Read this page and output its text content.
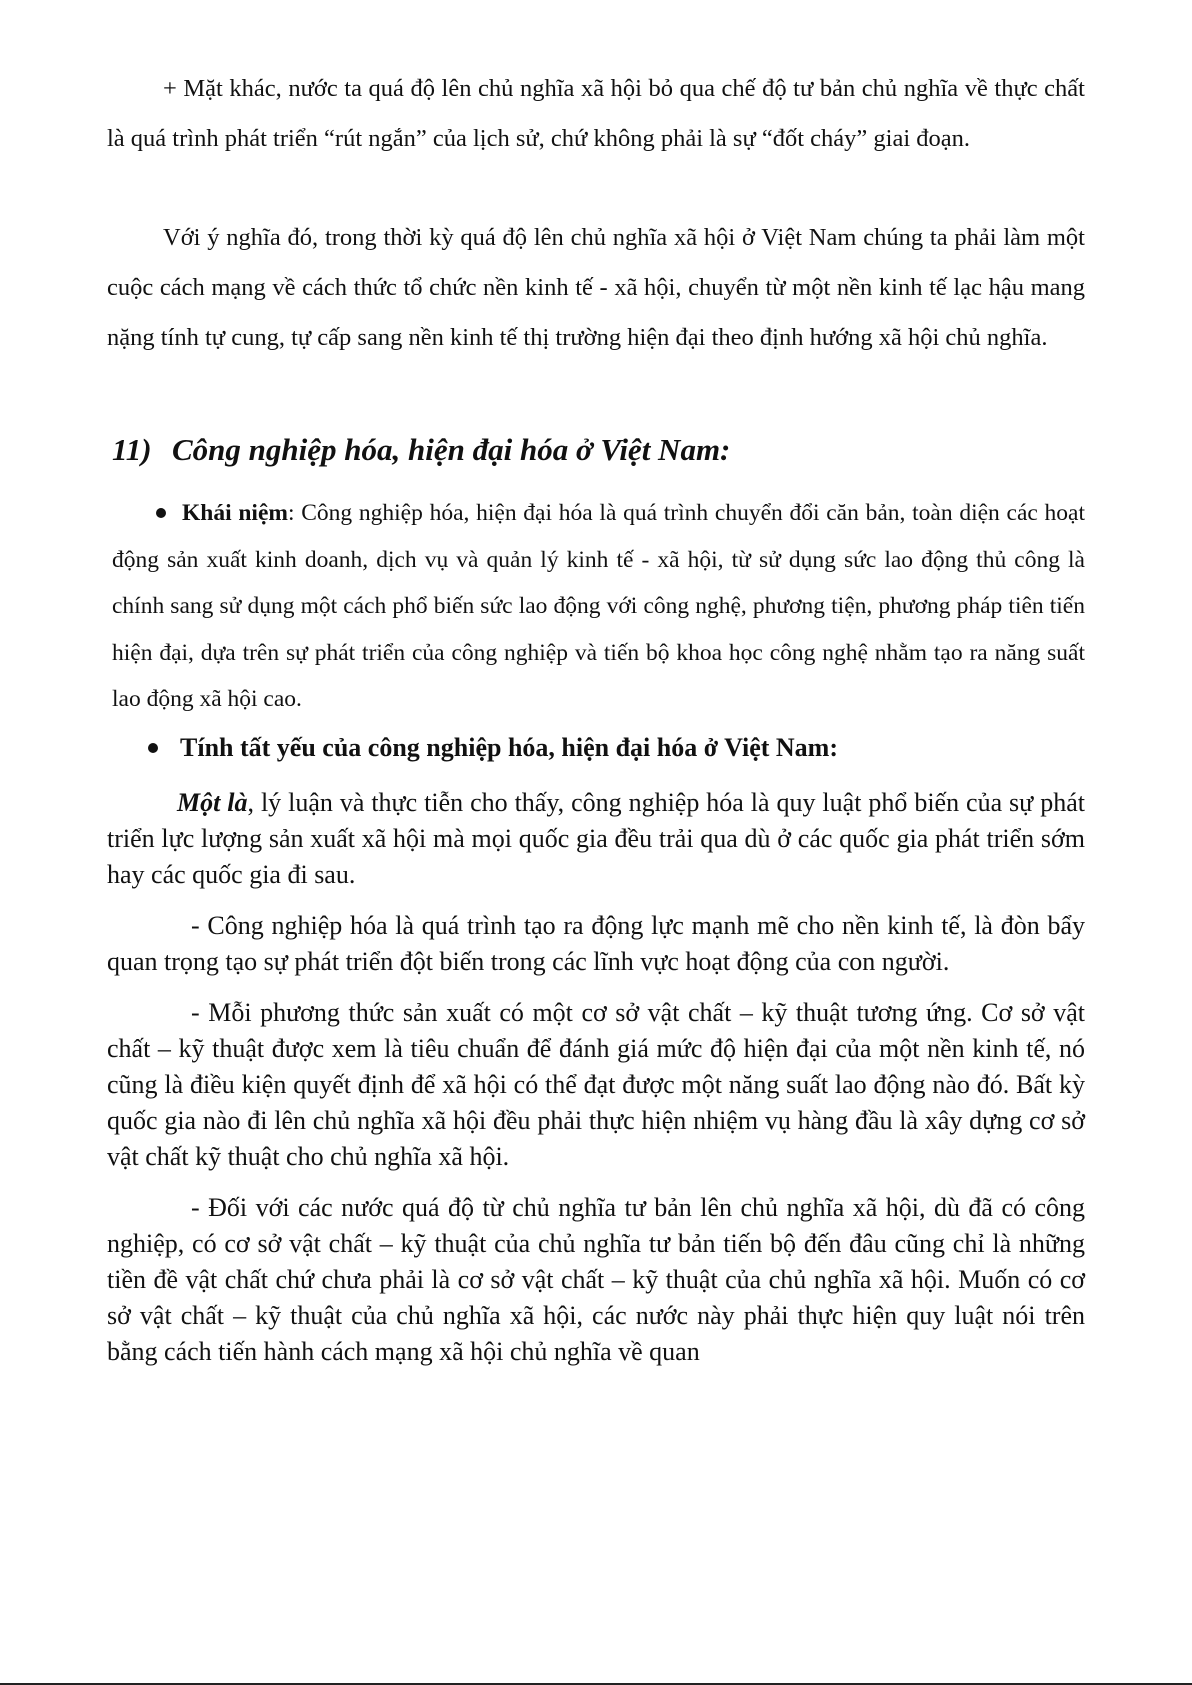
+ Mặt khác, nước ta quá độ lên chủ nghĩa xã hội bỏ qua chế độ tư bản chủ nghĩa về thực chất là quá trình phát triển “rút ngắn” của lịch sử, chứ không phải là sự “đốt cháy” giai đoạn.

Với ý nghĩa đó, trong thời kỳ quá độ lên chủ nghĩa xã hội ở Việt Nam chúng ta phải làm một cuộc cách mạng về cách thức tổ chức nền kinh tế - xã hội, chuyển từ một nền kinh tế lạc hậu mang nặng tính tự cung, tự cấp sang nền kinh tế thị trường hiện đại theo định hướng xã hội chủ nghĩa.

11) Công nghiệp hóa, hiện đại hóa ở Việt Nam:

Khái niệm: Công nghiệp hóa, hiện đại hóa là quá trình chuyển đổi căn bản, toàn diện các hoạt động sản xuất kinh doanh, dịch vụ và quản lý kinh tế - xã hội, từ sử dụng sức lao động thủ công là chính sang sử dụng một cách phổ biến sức lao động với công nghệ, phương tiện, phương pháp tiên tiến hiện đại, dựa trên sự phát triển của công nghiệp và tiến bộ khoa học công nghệ nhằm tạo ra năng suất lao động xã hội cao.

Tính tất yếu của công nghiệp hóa, hiện đại hóa ở Việt Nam:

Một là, lý luận và thực tiễn cho thấy, công nghiệp hóa là quy luật phổ biến của sự phát triển lực lượng sản xuất xã hội mà mọi quốc gia đều trải qua dù ở các quốc gia phát triển sớm hay các quốc gia đi sau.

- Công nghiệp hóa là quá trình tạo ra động lực mạnh mẽ cho nền kinh tế, là đòn bẩy quan trọng tạo sự phát triển đột biến trong các lĩnh vực hoạt động của con người.

- Mỗi phương thức sản xuất có một cơ sở vật chất – kỹ thuật tương ứng. Cơ sở vật chất – kỹ thuật được xem là tiêu chuẩn để đánh giá mức độ hiện đại của một nền kinh tế, nó cũng là điều kiện quyết định để xã hội có thể đạt được một năng suất lao động nào đó. Bất kỳ quốc gia nào đi lên chủ nghĩa xã hội đều phải thực hiện nhiệm vụ hàng đầu là xây dựng cơ sở vật chất kỹ thuật cho chủ nghĩa xã hội.

- Đối với các nước quá độ từ chủ nghĩa tư bản lên chủ nghĩa xã hội, dù đã có công nghiệp, có cơ sở vật chất – kỹ thuật của chủ nghĩa tư bản tiến bộ đến đâu cũng chỉ là những tiền đề vật chất chứ chưa phải là cơ sở vật chất – kỹ thuật của chủ nghĩa xã hội. Muốn có cơ sở vật chất – kỹ thuật của chủ nghĩa xã hội, các nước này phải thực hiện quy luật nói trên bằng cách tiến hành cách mạng xã hội chủ nghĩa về quan
